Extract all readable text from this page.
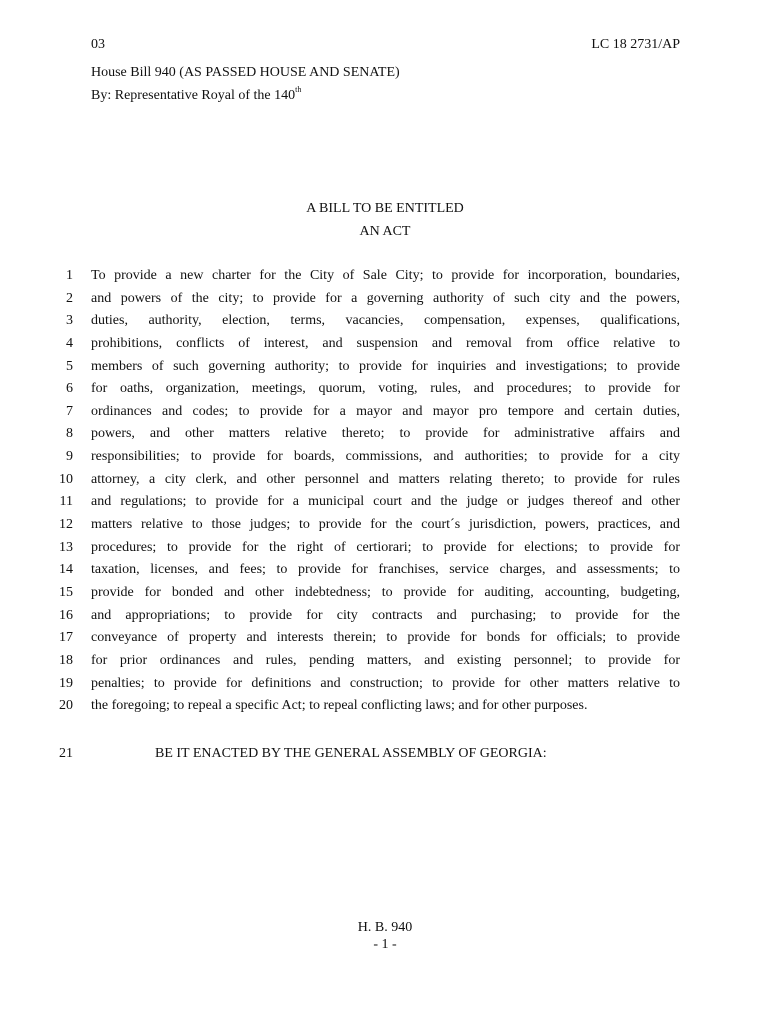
03	LC 18 2731/AP
House Bill 940 (AS PASSED HOUSE AND SENATE)
By: Representative Royal of the 140th
A BILL TO BE ENTITLED
AN ACT
1 To provide a new charter for the City of Sale City; to provide for incorporation, boundaries,
2 and powers of the city; to provide for a governing authority of such city and the powers,
3 duties, authority, election, terms, vacancies, compensation, expenses, qualifications,
4 prohibitions, conflicts of interest, and suspension and removal from office relative to
5 members of such governing authority; to provide for inquiries and investigations; to provide
6 for oaths, organization, meetings, quorum, voting, rules, and procedures; to provide for
7 ordinances and codes; to provide for a mayor and mayor pro tempore and certain duties,
8 powers, and other matters relative thereto; to provide for administrative affairs and
9 responsibilities; to provide for boards, commissions, and authorities; to provide for a city
10 attorney, a city clerk, and other personnel and matters relating thereto; to provide for rules
11 and regulations; to provide for a municipal court and the judge or judges thereof and other
12 matters relative to those judges; to provide for the court´s jurisdiction, powers, practices, and
13 procedures; to provide for the right of certiorari; to provide for elections; to provide for
14 taxation, licenses, and fees; to provide for franchises, service charges, and assessments; to
15 provide for bonded and other indebtedness; to provide for auditing, accounting, budgeting,
16 and appropriations; to provide for city contracts and purchasing; to provide for the
17 conveyance of property and interests therein; to provide for bonds for officials; to provide
18 for prior ordinances and rules, pending matters, and existing personnel; to provide for
19 penalties; to provide for definitions and construction; to provide for other matters relative to
20 the foregoing; to repeal a specific Act; to repeal conflicting laws; and for other purposes.
21	BE IT ENACTED BY THE GENERAL ASSEMBLY OF GEORGIA:
H. B. 940
- 1 -
